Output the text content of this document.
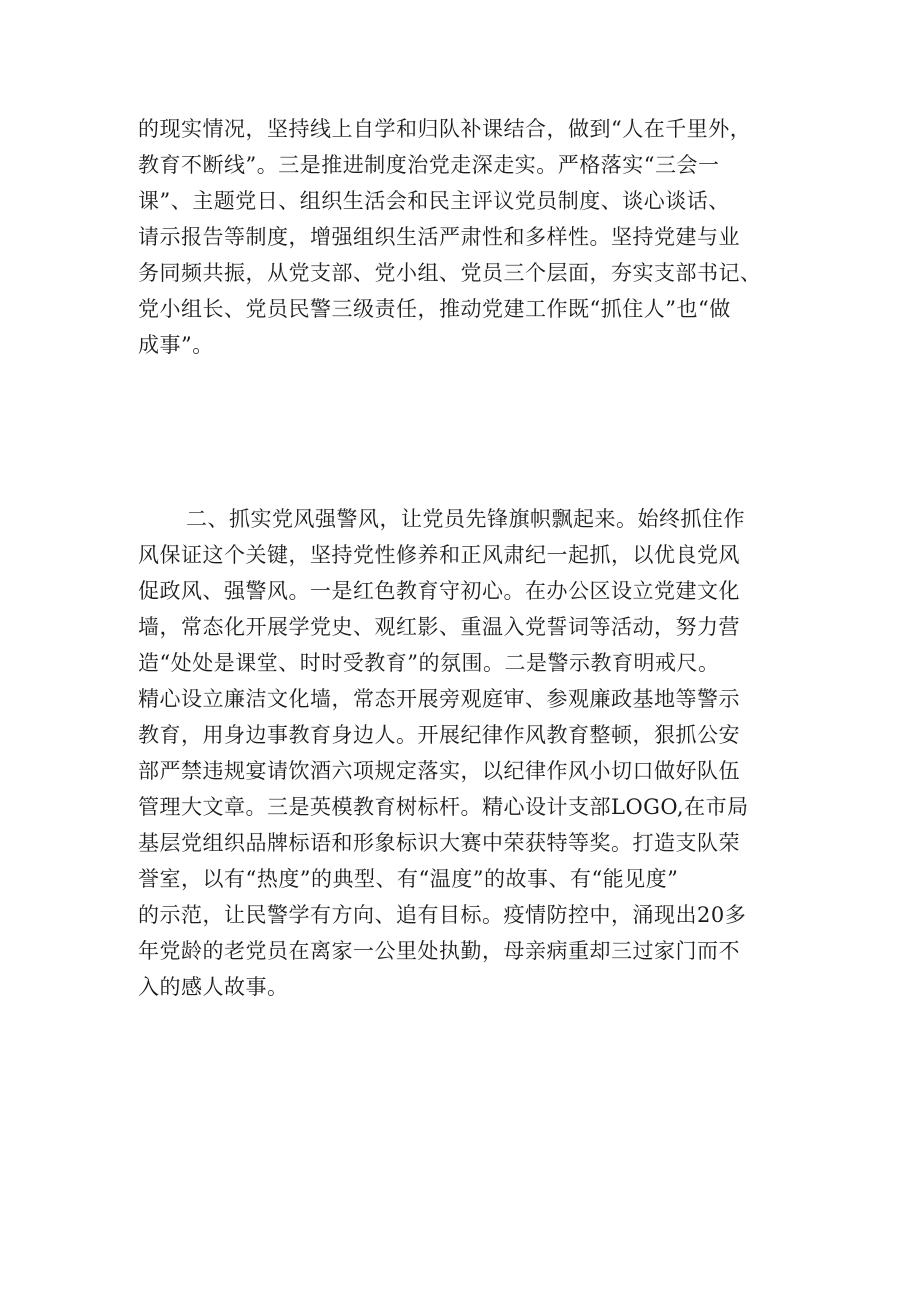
的现实情况，坚持线上自学和归队补课结合，做到“人在千里外，
教育不断线”。三是推进制度治党走深走实。严格落实“三会一
课”、主题党日、组织生活会和民主评议党员制度、谈心谈话、
请示报告等制度，增强组织生活严肃性和多样性。坚持党建与业
务同频共振，从党支部、党小组、党员三个层面，夯实支部书记、
党小组长、党员民警三级责任，推动党建工作既“抓住人”也“做
成事”。
二、抓实党风强警风，让党员先锋旗帜飘起来。始终抓住作
风保证这个关键，坚持党性修养和正风肃纪一起抓，以优良党风
促政风、强警风。一是红色教育守初心。在办公区设立党建文化
墙，常态化开展学党史、观红影、重温入党誓词等活动，努力营
造“处处是课堂、时时受教育”的氛围。二是警示教育明戒尺。
精心设立廉洁文化墙，常态开展旁观庭审、参观廉政基地等警示
教育，用身边事教育身边人。开展纪律作风教育整顿，狠抓公安
部严禁违规宴请饮酒六项规定落实，以纪律作风小切口做好队伍
管理大文章。三是英模教育树标杆。精心设计支部LOGO,在市局
基层党组织品牌标语和形象标识大赛中荣获特等奖。打造支队荣
誉室，以有“热度”的典型、有“温度”的故事、有“能见度”
的示范，让民警学有方向、追有目标。疫情防控中，涌现出20多
年党龄的老党员在离家一公里处执勤，母亲病重却三过家门而不
入的感人故事。
